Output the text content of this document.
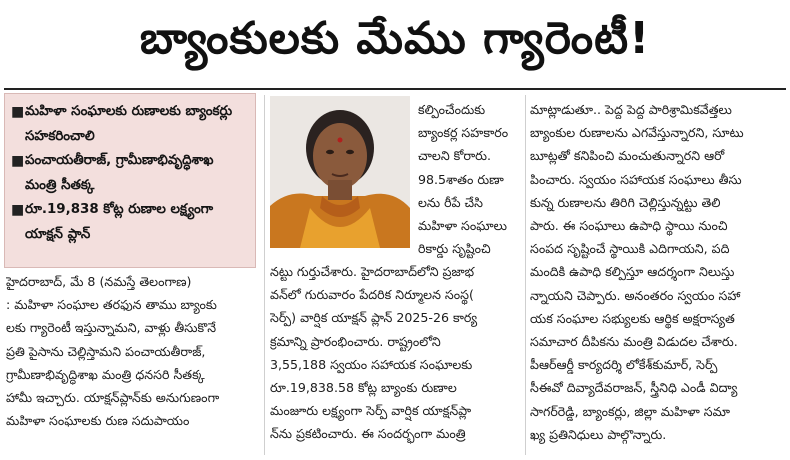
బ్యాంకులకు మేము గ్యారెంటీ!
■ మహిళా సంఘాలకు రుణాలకు బ్యాంకర్లు సహకరించాలి
■ పంచాయతీరాజ్, గ్రామీణాభివృద్ధిశాఖ మంత్రి సీతక్క
■ రూ.19,838 కోట్ల రుణాల లక్ష్యంగా యాక్షన్ ప్లాన్
కల్పించేందుకు
బ్యాంకర్ల సహకారం
చాలని కోరారు.
98.5శాతం రుణా
లను రీపే చేసి
మహిళా సంఘాలు
రికార్డు సృష్టించి
నట్టు గుర్తుచేశారు. హైదరాబాద్‌లోని ప్రజాభ
వన్‌లో గురువారం పేదరిక నిర్మూలన సంస్థ(
సెర్ప్) వార్షిక యాక్షన్ ప్లాన్ 2025-26 కార్య
క్రమాన్ని ప్రారంభించారు. రాష్ట్రంలోని
3,55,188 స్వయం సహాయక సంఘాలకు
రూ.19,838.58 కోట్ల బ్యాంకు రుణాల
మంజూరు లక్ష్యంగా సెర్ప్ వార్షిక యాక్షన్‌ప్లా
న్‌ను ప్రకటించారు. ఈ సందర్భంగా మంత్రి
హైదరాబాద్, మే 8 (నమస్తే తెలంగాణ)
: మహిళా సంఘాల తరఫున తాము బ్యాంకు
లకు గ్యారెంటీ ఇస్తున్నామని, వాళ్లు తీసుకొనే
ప్రతి పైసాను చెల్లిస్తామని పంచాయతీరాజ్,
గ్రామీణాభివృద్ధిశాఖ మంత్రి ధనసరి సీతక్క
హామీ ఇచ్చారు. యాక్షన్‌ప్లాన్‌కు అనుగుణంగా
మహిళా సంఘాలకు రుణ సదుపాయం
మాట్లాడుతూ.. పెద్ద పెద్ద పారిశ్రామికవేత్తలు
బ్యాంకుల రుణాలను ఎగవేస్తున్నారని, సూటు
బూట్లతో కనిపించి మంచుతున్నారని ఆరో
పించారు. స్వయం సహాయక సంఘాలు తీసు
కున్న రుణాలను తిరిగి చెల్లిస్తున్నట్టు తెలి
పారు. ఈ సంఘాలు ఉపాధి స్థాయి నుంచి
సంపద సృష్టించే స్థాయికి ఎదిగాయని, పది
మందికి ఉపాధి కల్పిస్తూ ఆదర్శంగా నిలుస్తు
న్నాయని చెప్పారు. అనంతరం స్వయం సహా
యక సంఘాల సభ్యులకు ఆర్థిక అక్షరాస్యత
సమాచార దీపికను మంత్రి విడుదల చేశారు.
పీఆర్ఆర్డీ కార్యదర్శి లోకేశ్‌కుమార్, సెర్ప్
సీఈవో దివ్యాదేవరాజన్, స్త్రీనిధి ఎండీ విద్యా
సాగర్‌రెడ్డి, బ్యాంకర్లు, జిల్లా మహిళా సమా
ఖ్య ప్రతినిధులు పాల్గొన్నారు.
